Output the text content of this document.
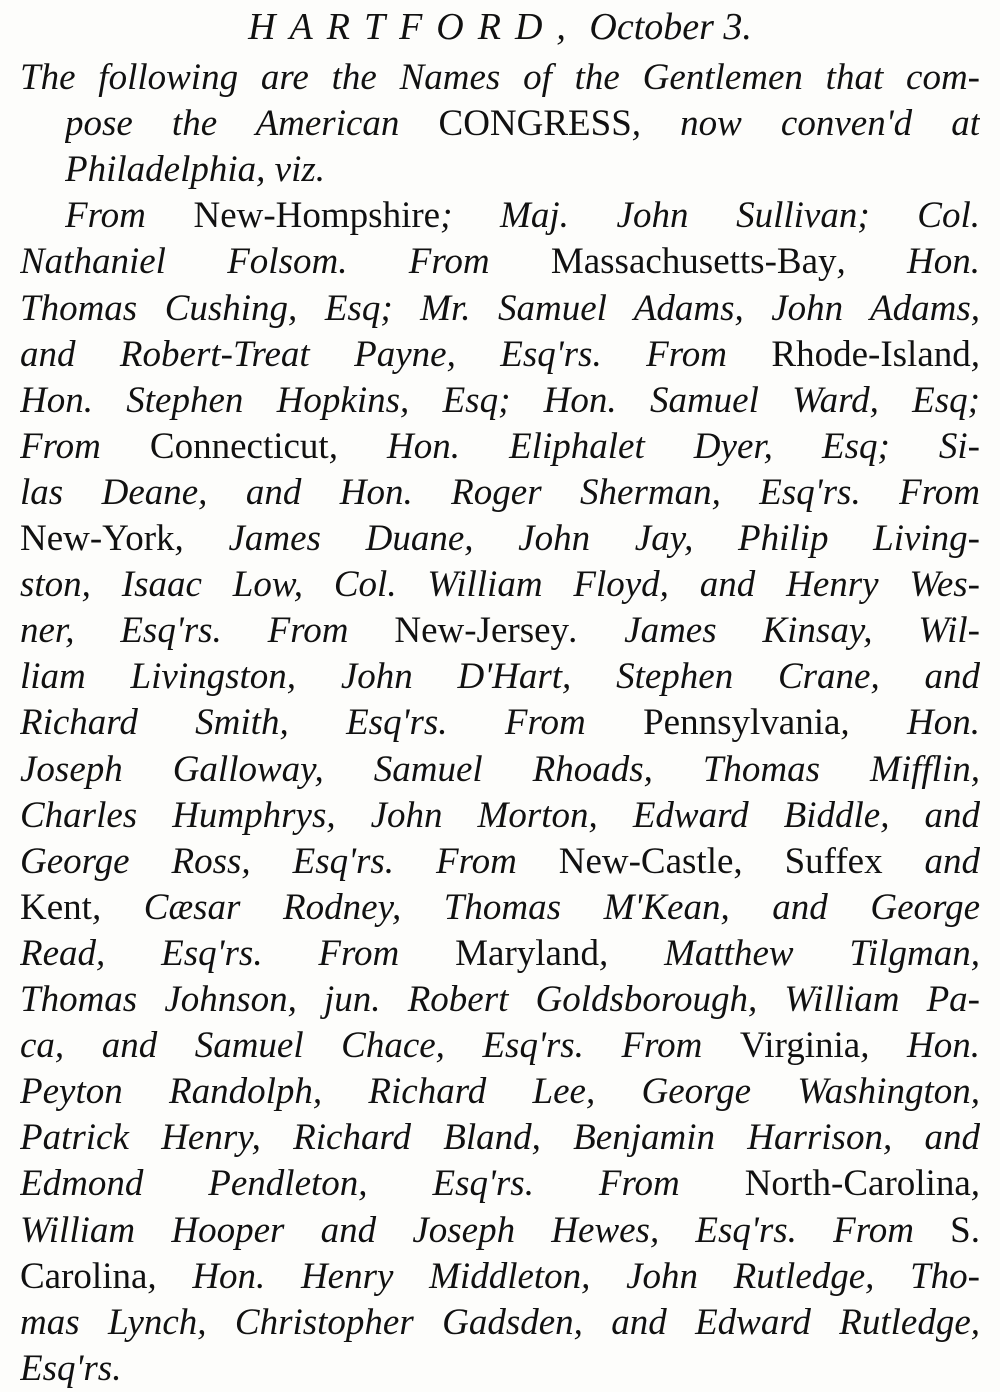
HARTFORD, October 3.
The following are the Names of the Gentlemen that com-
pose the American CONGRESS, now conven'd at
Philadelphia, viz.
From New-Hompshire; Maj. John Sullivan; Col.
Nathaniel Folsom. From Massachusetts-Bay, Hon.
Thomas Cushing, Esq; Mr. Samuel Adams, John Adams,
and Robert-Treat Payne, Esq'rs. From Rhode-Island,
Hon. Stephen Hopkins, Esq; Hon. Samuel Ward, Esq;
From Connecticut, Hon. Eliphalet Dyer, Esq; Si-
las Deane, and Hon. Roger Sherman, Esq'rs. From
New-York, James Duane, John Jay, Philip Living-
ston, Isaac Low, Col. William Floyd, and Henry Wes-
ner, Esq'rs. From New-Jersey. James Kinsay, Wil-
liam Livingston, John D'Hart, Stephen Crane, and
Richard Smith, Esq'rs. From Pennsylvania, Hon.
Joseph Galloway, Samuel Rhoads, Thomas Mifflin,
Charles Humphrys, John Morton, Edward Biddle, and
George Ross, Esq'rs. From New-Castle, Suffex and
Kent, Cæsar Rodney, Thomas M'Kean, and George
Read, Esq'rs. From Maryland, Matthew Tilgman,
Thomas Johnson, jun. Robert Goldsborough, William Pa-
ca, and Samuel Chace, Esq'rs. From Virginia, Hon.
Peyton Randolph, Richard Lee, George Washington,
Patrick Henry, Richard Bland, Benjamin Harrison, and
Edmond Pendleton, Esq'rs. From North-Carolina,
William Hooper and Joseph Hewes, Esq'rs. From S.
Carolina, Hon. Henry Middleton, John Rutledge, Tho-
mas Lynch, Christopher Gadsden, and Edward Rutledge,
Esq'rs.
